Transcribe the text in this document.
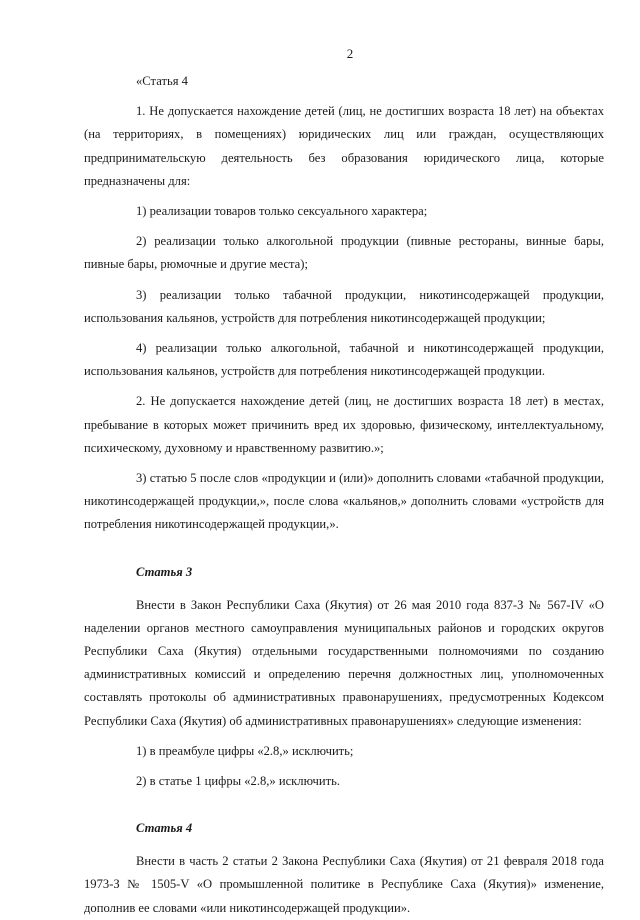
2

«Статья 4

1. Не допускается нахождение детей (лиц, не достигших возраста 18 лет) на объектах (на территориях, в помещениях) юридических лиц или граждан, осуществляющих предпринимательскую деятельность без образования юридического лица, которые предназначены для:

1) реализации товаров только сексуального характера;

2) реализации только алкогольной продукции (пивные рестораны, винные бары, пивные бары, рюмочные и другие места);

3) реализации только табачной продукции, никотинсодержащей продукции, использования кальянов, устройств для потребления никотинсодержащей продукции;

4) реализации только алкогольной, табачной и никотинсодержащей продукции, использования кальянов, устройств для потребления никотинсодержащей продукции.

2. Не допускается нахождение детей (лиц, не достигших возраста 18 лет) в местах, пребывание в которых может причинить вред их здоровью, физическому, интеллектуальному, психическому, духовному и нравственному развитию.»;

3) статью 5 после слов «продукции и (или)» дополнить словами «табачной продукции, никотинсодержащей продукции,», после слова «кальянов,» дополнить словами «устройств для потребления никотинсодержащей продукции,».

Статья 3

Внести в Закон Республики Саха (Якутия) от 26 мая 2010 года 837-З № 567-IV «О наделении органов местного самоуправления муниципальных районов и городских округов Республики Саха (Якутия) отдельными государственными полномочиями по созданию административных комиссий и определению перечня должностных лиц, уполномоченных составлять протоколы об административных правонарушениях, предусмотренных Кодексом Республики Саха (Якутия) об административных правонарушениях» следующие изменения:

1) в преамбуле цифры «2.8,» исключить;

2) в статье 1 цифры «2.8,» исключить.

Статья 4

Внести в часть 2 статьи 2 Закона Республики Саха (Якутия) от 21 февраля 2018 года 1973-З № 1505-V «О промышленной политике в Республике Саха (Якутия)» изменение, дополнив ее словами «или никотинсодержащей продукции».
